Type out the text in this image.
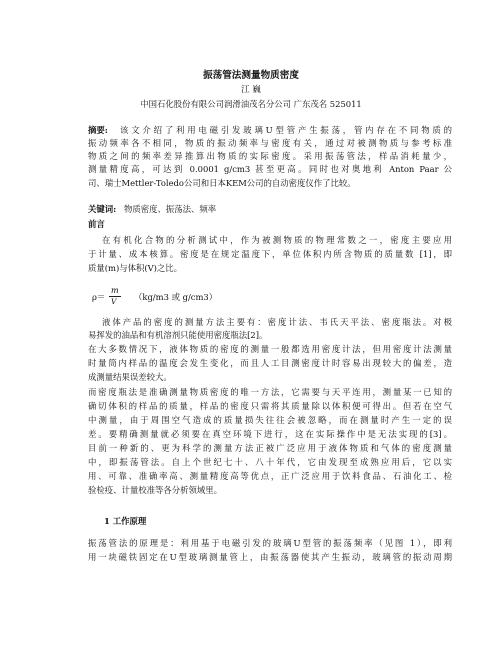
振荡管法测量物质密度
江 巍
中国石化股份有限公司润滑油茂名分公司 广东茂名 525011
摘要: 该文介绍了利用电磁引发玻璃U型管产生振荡，管内存在不同物质的
振动频率各不相同，物质的振动频率与密度有关，通过对被测物质与参考标准
物质之间的频率差异推算出物质的实际密度。采用振荡管法，样品消耗量少，
测量精度高，可达到 0.0001 g/cm3 甚至更高。同时也对奥地利 Anton Paar 公
司、瑞士Mettler-Toledo公司和日本KEM公司的自动密度仪作了比较。
关键词: 物质密度、振荡法、频率
前言
在有机化合物的分析测试中，作为被测物质的物理常数之一，密度主要应用
于计量、成本核算。密度是在规定温度下，单位体积内所含物质的质量数 [1]，即
质量(m)与体积(V)之比。
m
V
ρ＝	（kg/m3 或 g/cm3）
液体产品的密度的测量方法主要有：密度计法、韦氏天平法、密度瓶法。对极
易挥发的油品和有机溶剂只能使用密度瓶法[2]。
在大多数情况下，液体物质的密度的测量一般都选用密度计法，但用密度计法测量
时量筒内样品的温度会发生变化，而且人工目测密度计时容易出现较大的偏差，造
成测量结果误差较大。
而密度瓶法是准确测量物质密度的唯一方法，它需要与天平连用，测量某一已知的
确切体积的样品的质量，样品的密度只需将其质量除以体积便可得出。但若在空气
中测量，由于周围空气造成的质量损失往往会被忽略，而在测量时产生一定的误
差。要精确测量就必须要在真空环境下进行，这在实际操作中是无法实现的[3]。
目前一种新的、更为科学的测量方法正被广泛应用于液体物质和气体的密度测量
中，即振荡管法。自上个世纪七十、八十年代，它由发现至成熟应用后，它以实
用、可靠、准确率高、测量精度高等优点，正广泛应用于饮料食品、石油化工、检
验检疫、计量校准等各分析领域里。
1 工作原理
振荡管法的原理是：利用基于电磁引发的玻璃U型管的振荡频率（见图 1），即利
用一块磁铁固定在U型玻璃测量管上，由振荡器使其产生振动，玻璃管的振动周期
